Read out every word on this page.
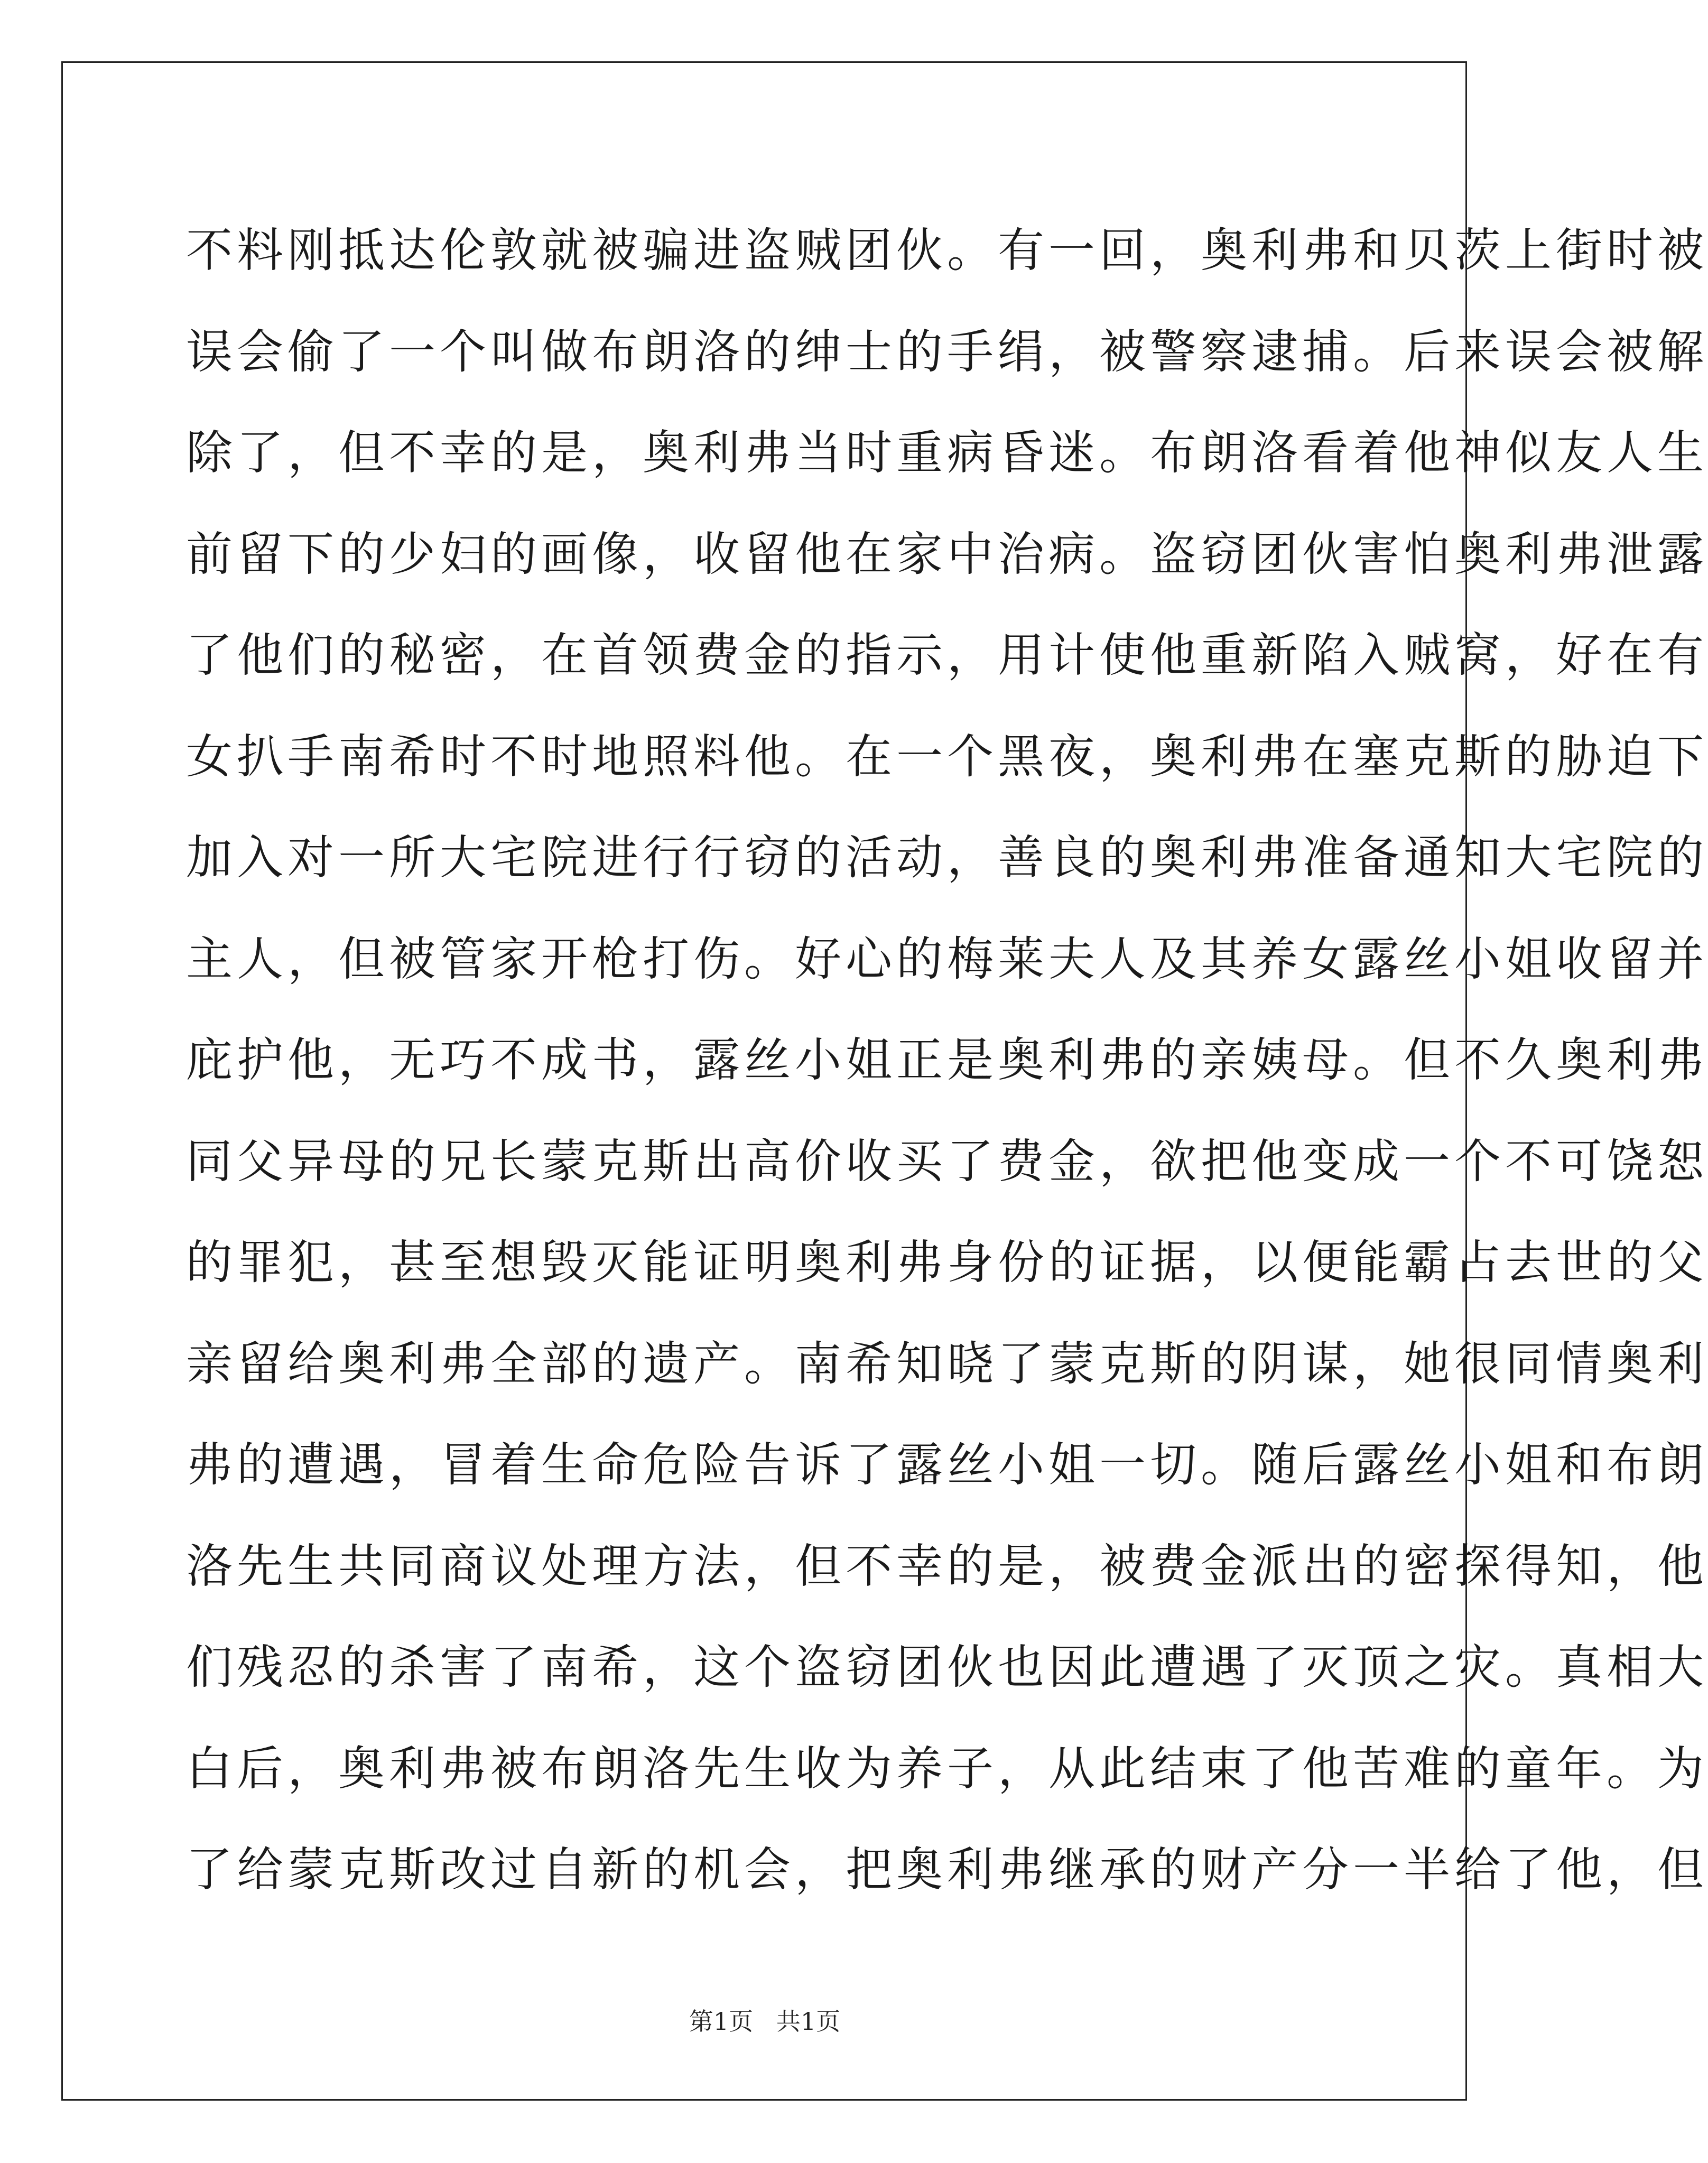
不料刚抵达伦敦就被骗进盗贼团伙。有一回，奥利弗和贝茨上街时被
误会偷了一个叫做布朗洛的绅士的手绢，被警察逮捕。后来误会被解
除了，但不幸的是，奥利弗当时重病昏迷。布朗洛看着他神似友人生
前留下的少妇的画像，收留他在家中治病。盗窃团伙害怕奥利弗泄露
了他们的秘密，在首领费金的指示，用计使他重新陷入贼窝，好在有
女扒手南希时不时地照料他。在一个黑夜，奥利弗在塞克斯的胁迫下
加入对一所大宅院进行行窃的活动，善良的奥利弗准备通知大宅院的
主人，但被管家开枪打伤。好心的梅莱夫人及其养女露丝小姐收留并
庇护他，无巧不成书，露丝小姐正是奥利弗的亲姨母。但不久奥利弗
同父异母的兄长蒙克斯出高价收买了费金，欲把他变成一个不可饶恕
的罪犯，甚至想毁灭能证明奥利弗身份的证据，以便能霸占去世的父
亲留给奥利弗全部的遗产。南希知晓了蒙克斯的阴谋，她很同情奥利
弗的遭遇，冒着生命危险告诉了露丝小姐一切。随后露丝小姐和布朗
洛先生共同商议处理方法，但不幸的是，被费金派出的密探得知，他
们残忍的杀害了南希，这个盗窃团伙也因此遭遇了灭顶之灾。真相大
白后，奥利弗被布朗洛先生收为养子，从此结束了他苦难的童年。为
了给蒙克斯改过自新的机会，把奥利弗继承的财产分一半给了他，但
第1页   共1页
